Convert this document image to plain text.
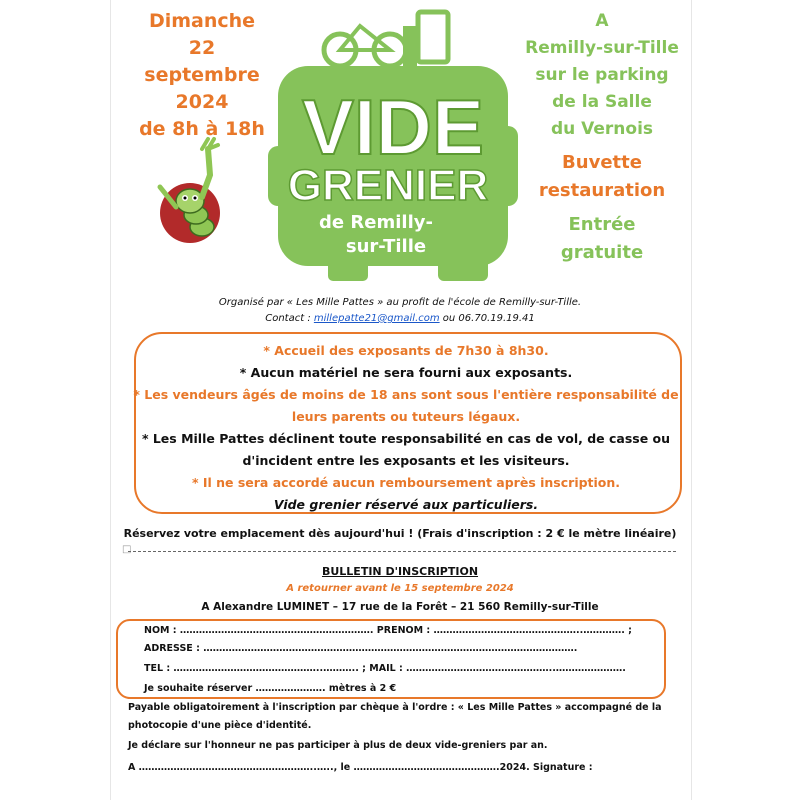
Dimanche
22 septembre
2024
de 8h à 18h VIDE
GRENIER
de Remilly-
sur-Tille
A
Remilly-sur-Tille
sur le parking
de la Salle
du Vernois
Buvette
restauration
Entrée
gratuite
Organisé par « Les Mille Pattes » au profit de l'école de Remilly-sur-Tille.
Contact : millepatte21@gmail.com ou 06.70.19.19.41
* Accueil des exposants de 7h30 à 8h30.
* Aucun matériel ne sera fourni aux exposants.
* Les vendeurs âgés de moins de 18 ans sont sous l'entière responsabilité de leurs parents ou tuteurs légaux.
* Les Mille Pattes déclinent toute responsabilité en cas de vol, de casse ou d'incident entre les exposants et les visiteurs.
* Il ne sera accordé aucun remboursement après inscription.
Vide grenier réservé aux particuliers.
Réservez votre emplacement dès aujourd'hui ! (Frais d'inscription : 2 € le mètre linéaire)
□
BULLETIN D'INSCRIPTION
A retourner avant le 15 septembre 2024
A Alexandre LUMINET – 17 rue de la Forêt – 21 560 Remilly-sur-Tille
NOM : ……………………………………………………. PRENOM : ………………………………………..…………. ;
ADRESSE : ……………………………………………………………………………………………………….
TEL : ………………………………………..……….. ; MAIL : ………………………………………..………………….
Je souhaite réserver …………………. mètres à 2 €
Payable obligatoirement à l'inscription par chèque à l'ordre : « Les Mille Pattes » accompagné de la
photocopie d'une pièce d'identité.
Je déclare sur l'honneur ne pas participer à plus de deux vide-greniers par an.
A ………………………………………………..….., le ……………………………………….2024. Signature :
